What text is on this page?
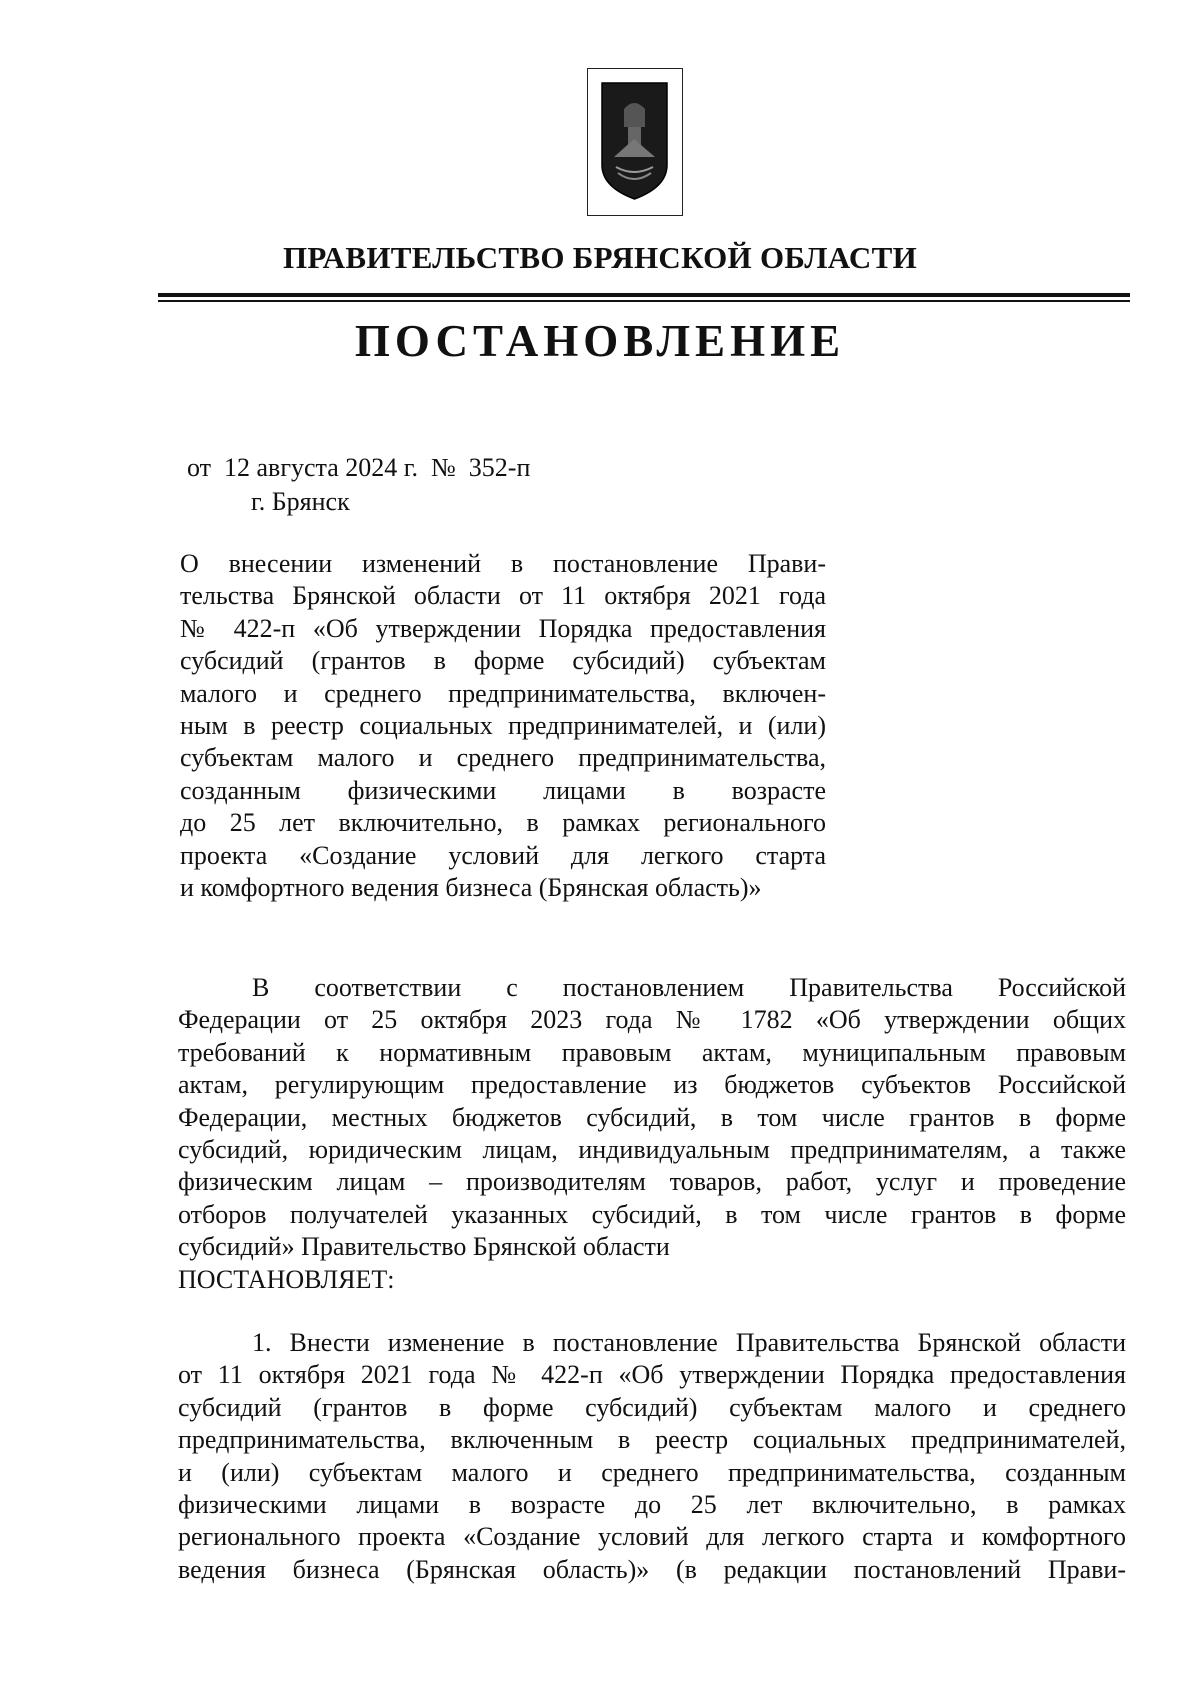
ПРАВИТЕЛЬСТВО БРЯНСКОЙ ОБЛАСТИ
ПОСТАНОВЛЕНИЕ
от  12 августа 2024 г.  №  352-п
г. Брянск
О внесении изменений в постановление Прави-
тельства Брянской области от 11 октября 2021 года
№ 422-п «Об утверждении Порядка предоставления
субсидий (грантов в форме субсидий) субъектам
малого и среднего предпринимательства, включен-
ным в реестр социальных предпринимателей, и (или)
субъектам малого и среднего предпринимательства,
созданным физическими лицами в возрасте
до 25 лет включительно, в рамках регионального
проекта «Создание условий для легкого старта
и комфортного ведения бизнеса (Брянская область)»
В соответствии с постановлением Правительства Российской
Федерации от 25 октября 2023 года № 1782 «Об утверждении общих
требований к нормативным правовым актам, муниципальным правовым
актам, регулирующим предоставление из бюджетов субъектов Российской
Федерации, местных бюджетов субсидий, в том числе грантов в форме
субсидий, юридическим лицам, индивидуальным предпринимателям, а также
физическим лицам – производителям товаров, работ, услуг и проведение
отборов получателей указанных субсидий, в том числе грантов в форме
субсидий» Правительство Брянской области
ПОСТАНОВЛЯЕТ:
1. Внести изменение в постановление Правительства Брянской области
от 11 октября 2021 года № 422-п «Об утверждении Порядка предоставления
субсидий (грантов в форме субсидий) субъектам малого и среднего
предпринимательства, включенным в реестр социальных предпринимателей,
и (или) субъектам малого и среднего предпринимательства, созданным
физическими лицами в возрасте до 25 лет включительно, в рамках
регионального проекта «Создание условий для легкого старта и комфортного
ведения бизнеса (Брянская область)» (в редакции постановлений Прави-
